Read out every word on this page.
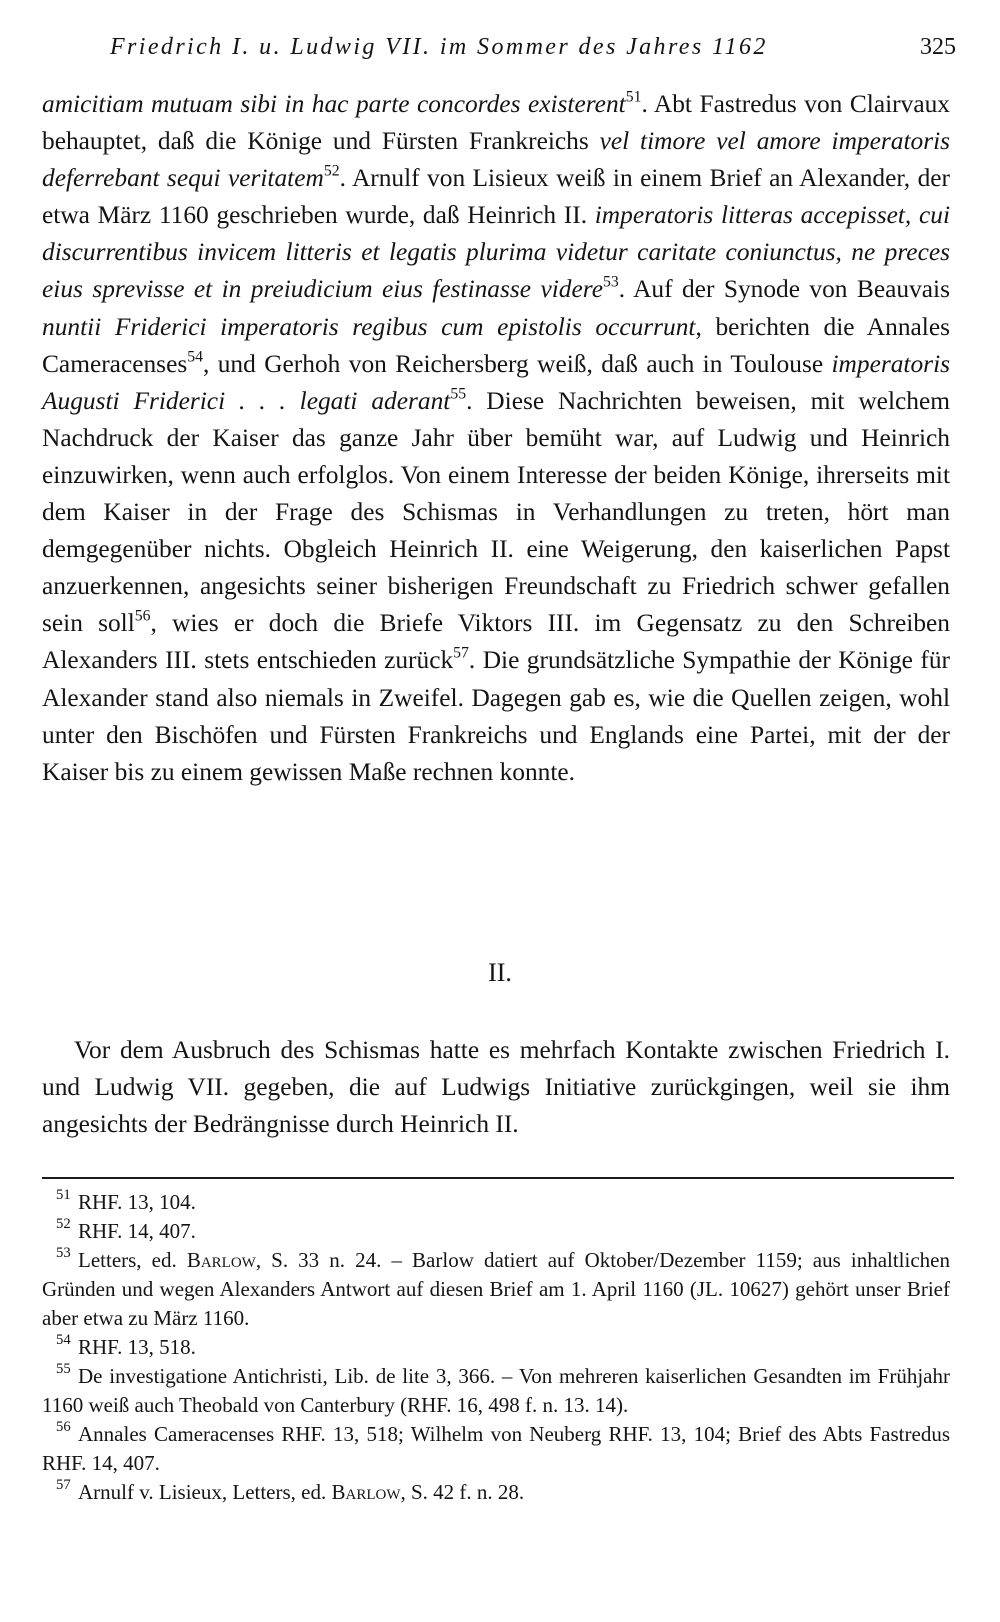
Friedrich I. u. Ludwig VII. im Sommer des Jahres 1162	325

amicitiam mutuam sibi in hac parte concordes existerent$^{51}$. Abt Fastredus von Clairvaux behauptet, daß die Könige und Fürsten Frankreichs vel timore vel amore imperatoris deferrebant sequi veritatem$^{52}$. Arnulf von Lisieux weiß in einem Brief an Alexander, der etwa März 1160 geschrieben wurde, daß Heinrich II. imperatoris litteras accepisset, cui discurrentibus invicem litteris et legatis plurima videtur caritate coniunctus, ne preces eius sprevisse et in preiudicium eius festinasse videre$^{53}$. Auf der Synode von Beauvais nuntii Friderici imperatoris regibus cum epistolis occurrunt, berichten die Annales Cameracenses$^{54}$, und Gerhoh von Reichersberg weiß, daß auch in Toulouse imperatoris Augusti Friderici . . . legati aderant$^{55}$. Diese Nachrichten beweisen, mit welchem Nachdruck der Kaiser das ganze Jahr über bemüht war, auf Ludwig und Heinrich einzuwirken, wenn auch erfolglos. Von einem Interesse der beiden Könige, ihrerseits mit dem Kaiser in der Frage des Schismas in Verhandlungen zu treten, hört man demgegenüber nichts. Obgleich Heinrich II. eine Weigerung, den kaiserlichen Papst anzuerkennen, angesichts seiner bisherigen Freundschaft zu Friedrich schwer gefallen sein soll$^{56}$, wies er doch die Briefe Viktors III. im Gegensatz zu den Schreiben Alexanders III. stets entschieden zurück$^{57}$. Die grundsätzliche Sympathie der Könige für Alexander stand also niemals in Zweifel. Dagegen gab es, wie die Quellen zeigen, wohl unter den Bischöfen und Fürsten Frankreichs und Englands eine Partei, mit der der Kaiser bis zu einem gewissen Maße rechnen konnte.

II.

Vor dem Ausbruch des Schismas hatte es mehrfach Kontakte zwischen Friedrich I. und Ludwig VII. gegeben, die auf Ludwigs Initiative zurückgingen, weil sie ihm angesichts der Bedrängnisse durch Heinrich II.

$^{51}$ RHF. 13, 104.

$^{52}$ RHF. 14, 407.

$^{53}$ Letters, ed. Barlow, S. 33 n. 24. – Barlow datiert auf Oktober/Dezember 1159; aus inhaltlichen Gründen und wegen Alexanders Antwort auf diesen Brief am 1. April 1160 (JL. 10627) gehört unser Brief aber etwa zu März 1160.

$^{54}$ RHF. 13, 518.

$^{55}$ De investigatione Antichristi, Lib. de lite 3, 366. – Von mehreren kaiserlichen Gesandten im Frühjahr 1160 weiß auch Theobald von Canterbury (RHF. 16, 498 f. n. 13. 14).

$^{56}$ Annales Cameracenses RHF. 13, 518; Wilhelm von Neuberg RHF. 13, 104; Brief des Abts Fastredus RHF. 14, 407.

$^{57}$ Arnulf v. Lisieux, Letters, ed. Barlow, S. 42 f. n. 28.
